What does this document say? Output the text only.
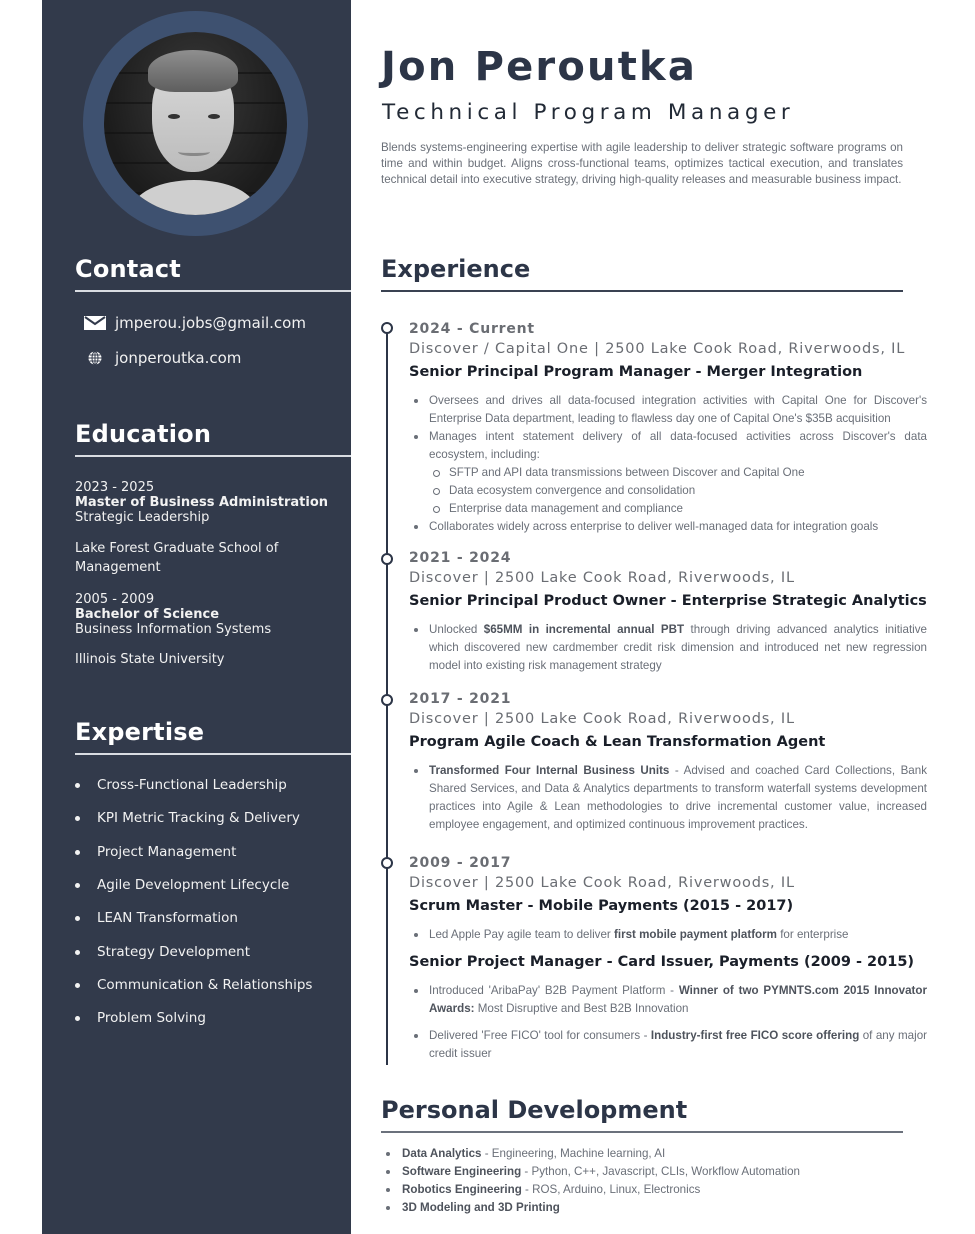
Contact
jmperou.jobs@gmail.com
jonperoutka.com
Education
2023 - 2025
Master of Business Administration
Strategic Leadership
Lake Forest Graduate School of Management
2005 - 2009
Bachelor of Science
Business Information Systems
Illinois State University
Expertise
Cross-Functional Leadership
KPI Metric Tracking & Delivery
Project Management
Agile Development Lifecycle
LEAN Transformation
Strategy Development
Communication & Relationships
Problem Solving
Jon Peroutka
Technical Program Manager

Blends systems-engineering expertise with agile leadership to deliver strategic software programs on time and within budget. Aligns cross-functional teams, optimizes tactical execution, and translates technical detail into executive strategy, driving high-quality releases and measurable business impact.

Experience
2024 - Current
Discover / Capital One | 2500 Lake Cook Road, Riverwoods, IL
Senior Principal Program Manager - Merger Integration
Oversees and drives all data-focused integration activities with Capital One for Discover's Enterprise Data department, leading to flawless day one of Capital One's $35B acquisition
Manages intent statement delivery of all data-focused activities across Discover's data ecosystem, including:
SFTP and API data transmissions between Discover and Capital One
Data ecosystem convergence and consolidation
Enterprise data management and compliance
Collaborates widely across enterprise to deliver well-managed data for integration goals
2021 - 2024
Discover | 2500 Lake Cook Road, Riverwoods, IL
Senior Principal Product Owner - Enterprise Strategic Analytics
Unlocked $65MM in incremental annual PBT through driving advanced analytics initiative which discovered new cardmember credit risk dimension and introduced net new regression model into existing risk management strategy
2017 - 2021
Discover | 2500 Lake Cook Road, Riverwoods, IL
Program Agile Coach & Lean Transformation Agent
Transformed Four Internal Business Units - Advised and coached Card Collections, Bank Shared Services, and Data & Analytics departments to transform waterfall systems development practices into Agile & Lean methodologies to drive incremental customer value, increased employee engagement, and optimized continuous improvement practices.
2009 - 2017
Discover | 2500 Lake Cook Road, Riverwoods, IL
Scrum Master - Mobile Payments (2015 - 2017)
Led Apple Pay agile team to deliver first mobile payment platform for enterprise
Senior Project Manager - Card Issuer, Payments (2009 - 2015)
Introduced 'AribaPay' B2B Payment Platform - Winner of two PYMNTS.com 2015 Innovator Awards: Most Disruptive and Best B2B Innovation
Delivered 'Free FICO' tool for consumers - Industry-first free FICO score offering of any major credit issuer
Personal Development
Data Analytics - Engineering, Machine learning, AI
Software Engineering - Python, C++, Javascript, CLIs, Workflow Automation
Robotics Engineering - ROS, Arduino, Linux, Electronics
3D Modeling and 3D Printing
